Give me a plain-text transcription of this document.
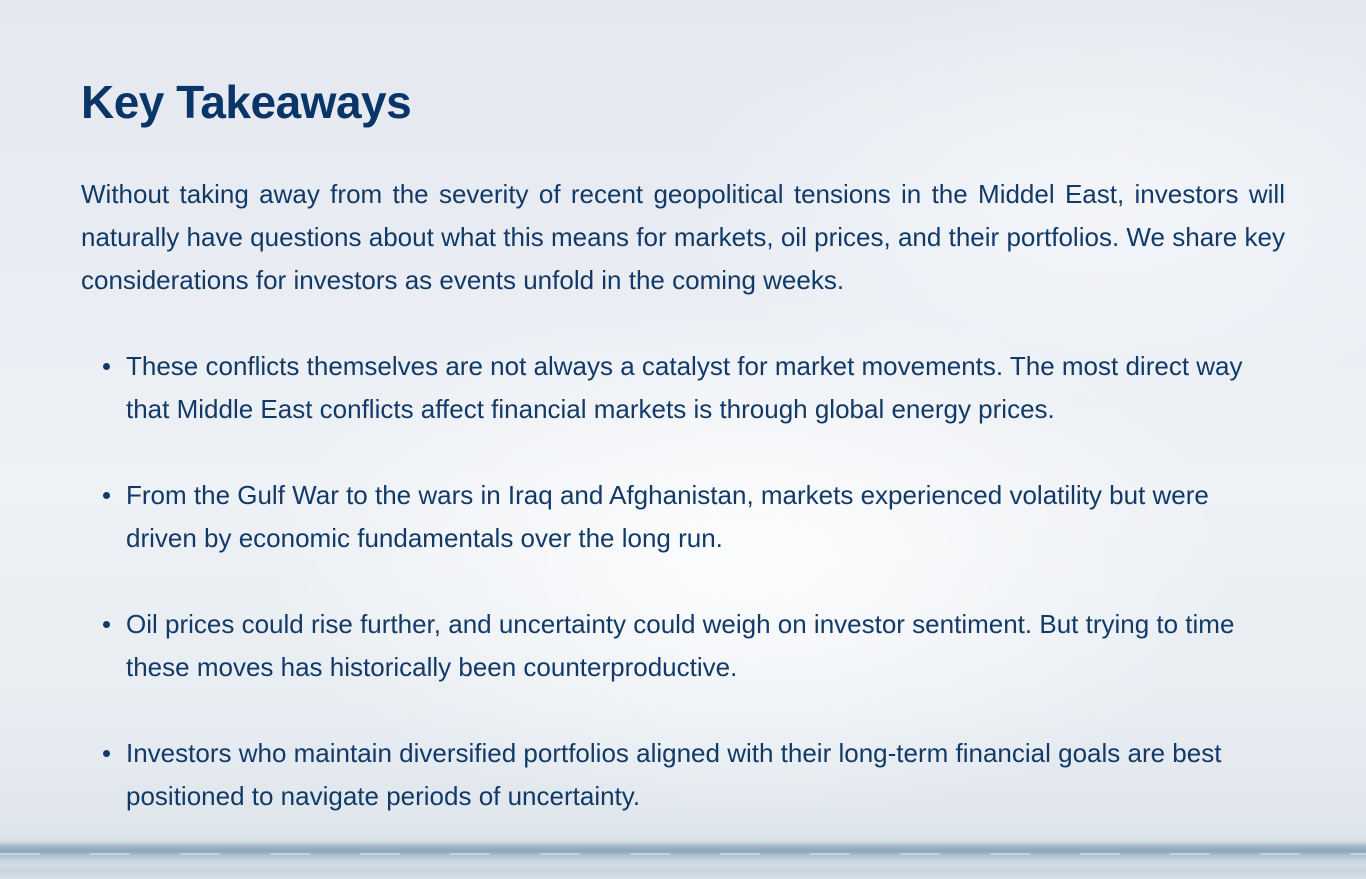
Key Takeaways

Without taking away from the severity of recent geopolitical tensions in the Middel East, investors will naturally have questions about what this means for markets, oil prices, and their portfolios. We share key considerations for investors as events unfold in the coming weeks.

These conflicts themselves are not always a catalyst for market movements. The most direct way that Middle East conflicts affect financial markets is through global energy prices.
From the Gulf War to the wars in Iraq and Afghanistan, markets experienced volatility but were driven by economic fundamentals over the long run.
Oil prices could rise further, and uncertainty could weigh on investor sentiment. But trying to time these moves has historically been counterproductive.
Investors who maintain diversified portfolios aligned with their long-term financial goals are best positioned to navigate periods of uncertainty.
